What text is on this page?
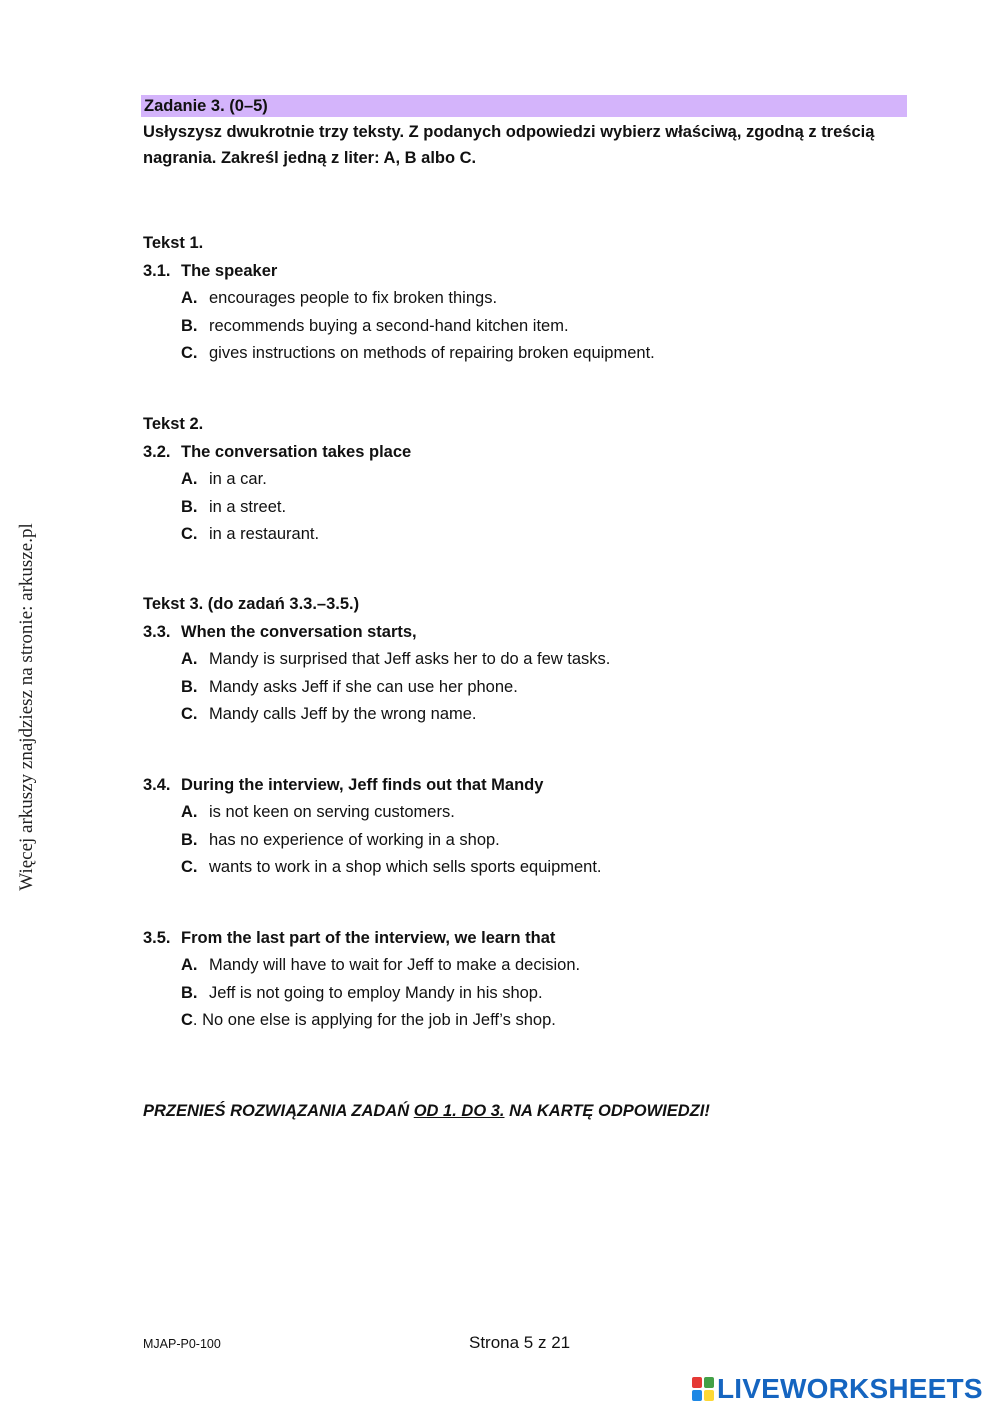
Więcej arkuszy znajdziesz na stronie: arkusze.pl
Zadanie 3. (0–5)
Usłyszysz dwukrotnie trzy teksty. Z podanych odpowiedzi wybierz właściwą, zgodną z treścią nagrania. Zakreśl jedną z liter: A, B albo C.
Tekst 1.
3.1. The speaker
A. encourages people to fix broken things.
B. recommends buying a second-hand kitchen item.
C. gives instructions on methods of repairing broken equipment.
Tekst 2.
3.2. The conversation takes place
A. in a car.
B. in a street.
C. in a restaurant.
Tekst 3. (do zadań 3.3.–3.5.)
3.3. When the conversation starts,
A. Mandy is surprised that Jeff asks her to do a few tasks.
B. Mandy asks Jeff if she can use her phone.
C. Mandy calls Jeff by the wrong name.
3.4. During the interview, Jeff finds out that Mandy
A. is not keen on serving customers.
B. has no experience of working in a shop.
C. wants to work in a shop which sells sports equipment.
3.5. From the last part of the interview, we learn that
A. Mandy will have to wait for Jeff to make a decision.
B. Jeff is not going to employ Mandy in his shop.
C . No one else is applying for the job in Jeff’s shop.
PRZENIEŚ ROZWIĄZANIA ZADAŃ OD 1. DO 3. NA KARTĘ ODPOWIEDZI!
MJAP-P0-100	Strona 5 z 21
LIVEWORKSHEETS
